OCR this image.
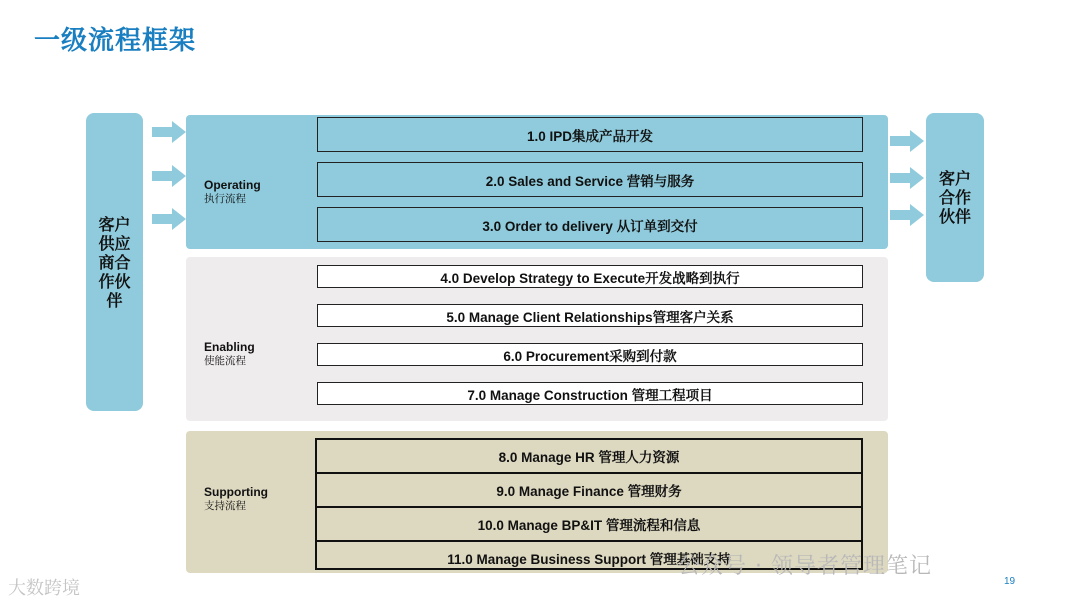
一级流程框架
客户
供应
商合
作伙
伴
客户
合作
伙伴
Operating
执行流程
1.0 IPD集成产品开发
2.0 Sales and Service 营销与服务
3.0 Order to delivery 从订单到交付
Enabling
使能流程
4.0 Develop Strategy to Execute开发战略到执行
5.0 Manage Client Relationships管理客户关系
6.0 Procurement采购到付款
7.0 Manage Construction 管理工程项目
Supporting
支持流程
8.0 Manage HR 管理人力资源
9.0 Manage Finance 管理财务
10.0 Manage BP&IT 管理流程和信息
11.0 Manage Business Support 管理基础支持
公众号 · 领导者管理笔记
大数跨境	19
